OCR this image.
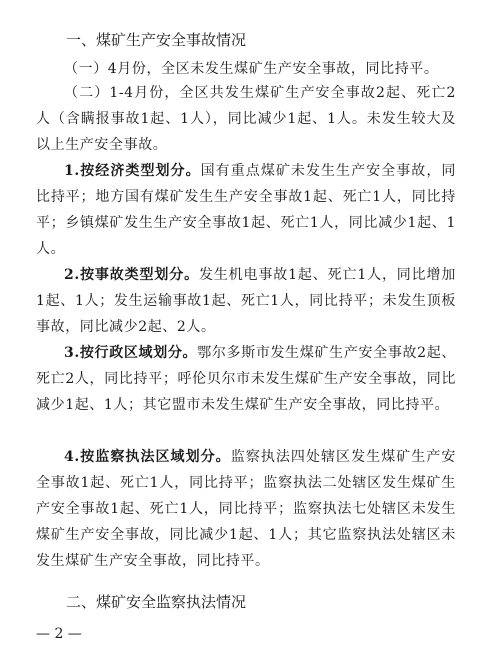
一、煤矿生产安全事故情况
（一）4月份，全区未发生煤矿生产安全事故，同比持平。
（二）1-4月份，全区共发生煤矿生产安全事故2起、死亡2人（含瞒报事故1起、1人），同比减少1起、1人。未发生较大及以上生产安全事故。
1.按经济类型划分。国有重点煤矿未发生生产安全事故，同比持平；地方国有煤矿发生生产安全事故1起、死亡1人，同比持平；乡镇煤矿发生生产安全事故1起、死亡1人，同比减少1起、1人。
2.按事故类型划分。发生机电事故1起、死亡1人，同比增加1起、1人；发生运输事故1起、死亡1人，同比持平；未发生顶板事故，同比减少2起、2人。
3.按行政区域划分。鄂尔多斯市发生煤矿生产安全事故2起、死亡2人，同比持平；呼伦贝尔市未发生煤矿生产安全事故，同比减少1起、1人；其它盟市未发生煤矿生产安全事故，同比持平。
4.按监察执法区域划分。监察执法四处辖区发生煤矿生产安全事故1起、死亡1人，同比持平；监察执法二处辖区发生煤矿生产安全事故1起、死亡1人，同比持平；监察执法七处辖区未发生煤矿生产安全事故，同比减少1起、1人；其它监察执法处辖区未发生煤矿生产安全事故，同比持平。
二、煤矿安全监察执法情况
— 2 —
